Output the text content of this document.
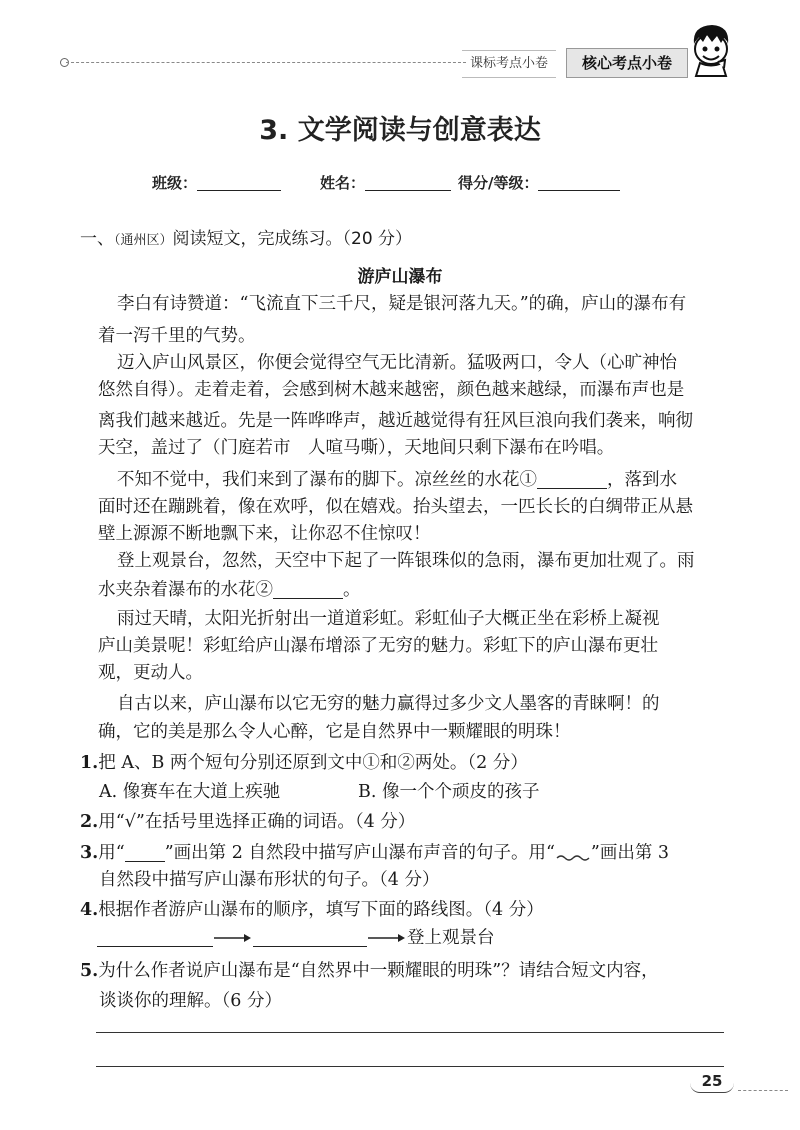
课标考点小卷	核心考点小卷
3. 文学阅读与创意表达
班级：	姓名：	得分/等级：
一、（通州区）阅读短文，完成练习。（20 分）
游庐山瀑布
李白有诗赞道：“飞流直下三千尺，疑是银河落九天。”的确，庐山的瀑布有
着一泻千里的气势。
迈入庐山风景区，你便会觉得空气无比清新。猛吸两口，令人（心旷神怡
悠然自得）。走着走着，会感到树木越来越密，颜色越来越绿，而瀑布声也是
离我们越来越近。先是一阵哗哗声，越近越觉得有狂风巨浪向我们袭来，响彻
天空，盖过了（门庭若市　人喧马嘶），天地间只剩下瀑布在吟唱。
不知不觉中，我们来到了瀑布的脚下。凉丝丝的水花①	，落到水
面时还在蹦跳着，像在欢呼，似在嬉戏。抬头望去，一匹长长的白绸带正从悬
壁上源源不断地飘下来，让你忍不住惊叹！
登上观景台，忽然，天空中下起了一阵银珠似的急雨，瀑布更加壮观了。雨
水夹杂着瀑布的水花②	。
雨过天晴，太阳光折射出一道道彩虹。彩虹仙子大概正坐在彩桥上凝视
庐山美景呢！彩虹给庐山瀑布增添了无穷的魅力。彩虹下的庐山瀑布更壮
观，更动人。
自古以来，庐山瀑布以它无穷的魅力赢得过多少文人墨客的青睐啊！的
确，它的美是那么令人心醉，它是自然界中一颗耀眼的明珠！
1.把 A、B 两个短句分别还原到文中①和②两处。（2 分）
A. 像赛车在大道上疾驰	B. 像一个个顽皮的孩子
2.用“√”在括号里选择正确的词语。（4 分）
3.用“ ”画出第 2 自然段中描写庐山瀑布声音的句子。用“ ”画出第 3
自然段中描写庐山瀑布形状的句子。（4 分）
4.根据作者游庐山瀑布的顺序，填写下面的路线图。（4 分）
登上观景台
5.为什么作者说庐山瀑布是“自然界中一颗耀眼的明珠”？请结合短文内容，
谈谈你的理解。（6 分）
25
